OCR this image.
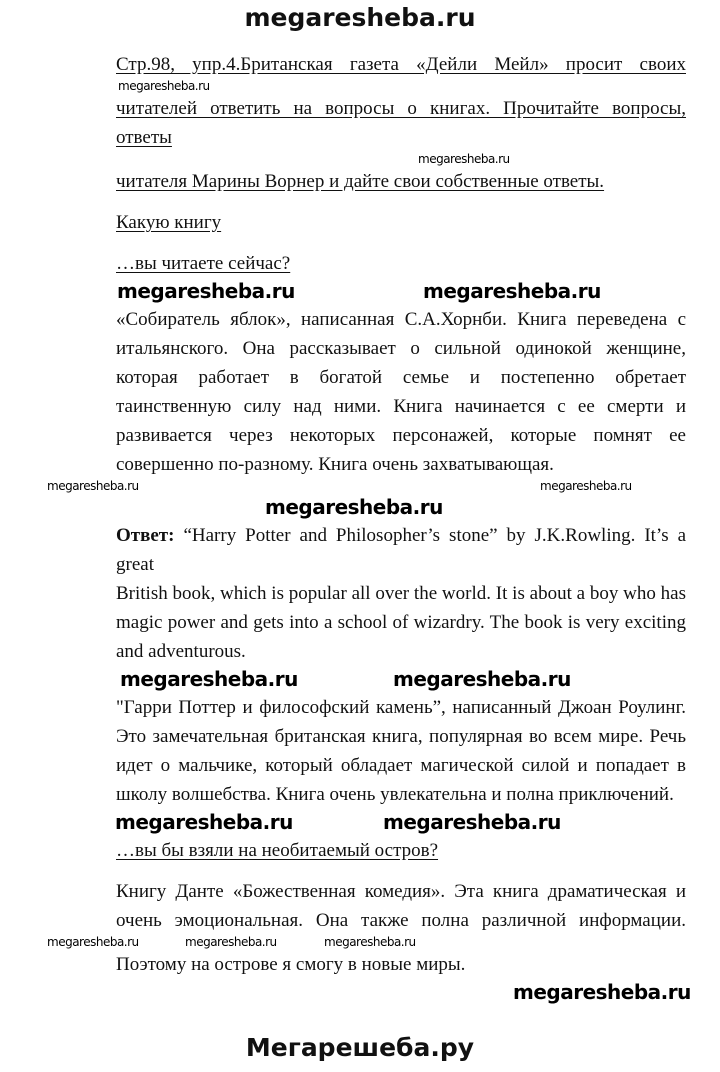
megaresheba.ru
Стр.98, упр.4.Британская газета «Дейли Мейл» просит своих
megaresheba.ru
читателей ответить на вопросы о книгах. Прочитайте вопросы, ответы
megaresheba.ru
читателя Марины Ворнер и дайте свои собственные ответы.
Какую книгу
…вы читаете сейчас?
megaresheba.ru	megaresheba.ru
«Собиратель яблок», написанная С.А.Хорнби. Книга переведена с
итальянского. Она рассказывает о сильной одинокой женщине,
которая работает в богатой семье и постепенно обретает
таинственную силу над ними. Книга начинается с ее смерти и
развивается через некоторых персонажей, которые помнят ее
совершенно по-разному. Книга очень захватывающая.
megaresheba.ru	megaresheba.ru
megaresheba.ru
Ответ: “Harry Potter and Philosopher’s stone” by J.K.Rowling. It’s a great
British book, which is popular all over the world. It is about a boy who has
magic power and gets into a school of wizardry. The book is very exciting
and adventurous.
megaresheba.ru	megaresheba.ru
"Гарри Поттер и философский камень”, написанный Джоан Роулинг.
Это замечательная британская книга, популярная во всем мире. Речь
идет о мальчике, который обладает магической силой и попадает в
школу волшебства. Книга очень увлекательна и полна приключений.
megaresheba.ru	megaresheba.ru
…вы бы взяли на необитаемый остров?
Книгу Данте «Божественная комедия». Эта книга драматическая и
очень эмоциональная. Она также полна различной информации.
megaresheba.ru	megaresheba.ru	megaresheba.ru
Поэтому на острове я смогу в новые миры.
megaresheba.ru
Мегарешеба.ру
